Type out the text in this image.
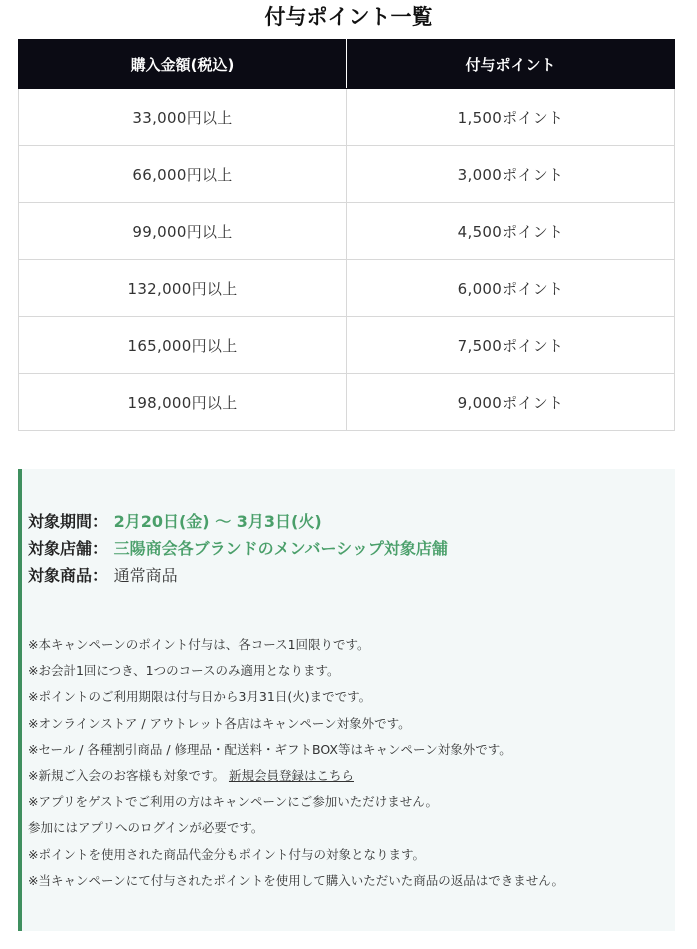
付与ポイント一覧
購入金額(税込)	付与ポイント
33,000円以上	1,500ポイント
66,000円以上	3,000ポイント
99,000円以上	4,500ポイント
132,000円以上	6,000ポイント
165,000円以上	7,500ポイント
198,000円以上	9,000ポイント
対象期間： 2月20日(金) 〜 3月3日(火)
対象店舗： 三陽商会各ブランドのメンバーシップ対象店舗
対象商品： 通常商品
※本キャンペーンのポイント付与は、各コース1回限りです。
※お会計1回につき、1つのコースのみ適用となります。
※ポイントのご利用期限は付与日から3月31日(火)までです。
※オンラインストア / アウトレット各店はキャンペーン対象外です。
※セール / 各種割引商品 / 修理品・配送料・ギフトBOX等はキャンペーン対象外です。
※新規ご入会のお客様も対象です。 新規会員登録はこちら
※アプリをゲストでご利用の方はキャンペーンにご参加いただけません。
参加にはアプリへのログインが必要です。
※ポイントを使用された商品代金分もポイント付与の対象となります。
※当キャンペーンにて付与されたポイントを使用して購入いただいた商品の返品はできません。
